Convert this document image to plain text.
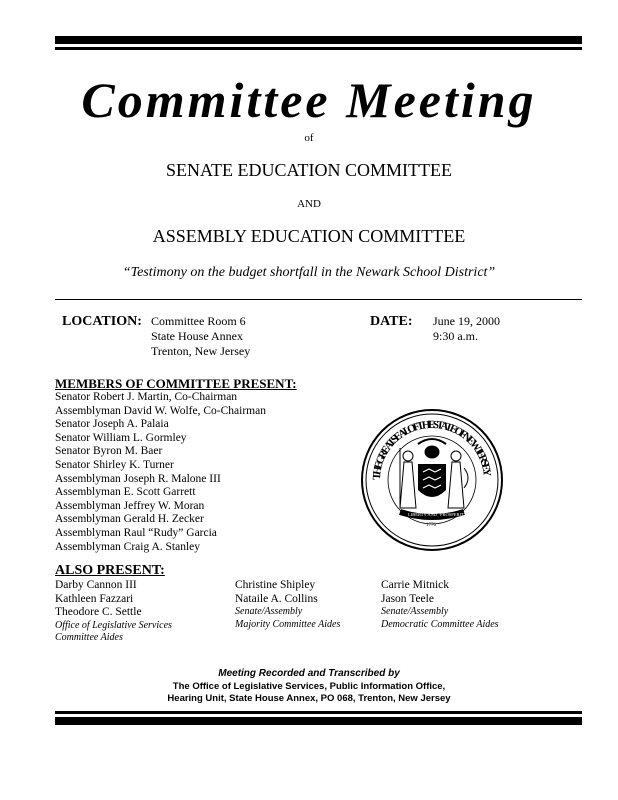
Committee Meeting
of
SENATE EDUCATION COMMITTEE
AND
ASSEMBLY EDUCATION COMMITTEE
“Testimony on the budget shortfall in the Newark School District”
LOCATION: Committee Room 6
State House Annex
Trenton, New Jersey
DATE: June 19, 2000
9:30 a.m.
MEMBERS OF COMMITTEE PRESENT:
Senator Robert J. Martin, Co-Chairman
Assemblyman David W. Wolfe, Co-Chairman
Senator Joseph A. Palaia
Senator William L. Gormley
Senator Byron M. Baer
Senator Shirley K. Turner
Assemblyman Joseph R. Malone III
Assemblyman E. Scott Garrett
Assemblyman Jeffrey W. Moran
Assemblyman Gerald H. Zecker
Assemblyman Raul “Rudy” Garcia
Assemblyman Craig A. Stanley
THE GREAT SEAL OF THE STATE OF NEW JERSEY
LIBERTY AND PROSPERITY
1776
ALSO PRESENT:
Darby Cannon III
Kathleen Fazzari
Theodore C. Settle
Office of Legislative Services
Committee Aides
Christine Shipley
Nataile A. Collins
Senate/Assembly
Majority Committee Aides
Carrie Mitnick
Jason Teele
Senate/Assembly
Democratic Committee Aides
Meeting Recorded and Transcribed by
The Office of Legislative Services, Public Information Office,
Hearing Unit, State House Annex, PO 068, Trenton, New Jersey
